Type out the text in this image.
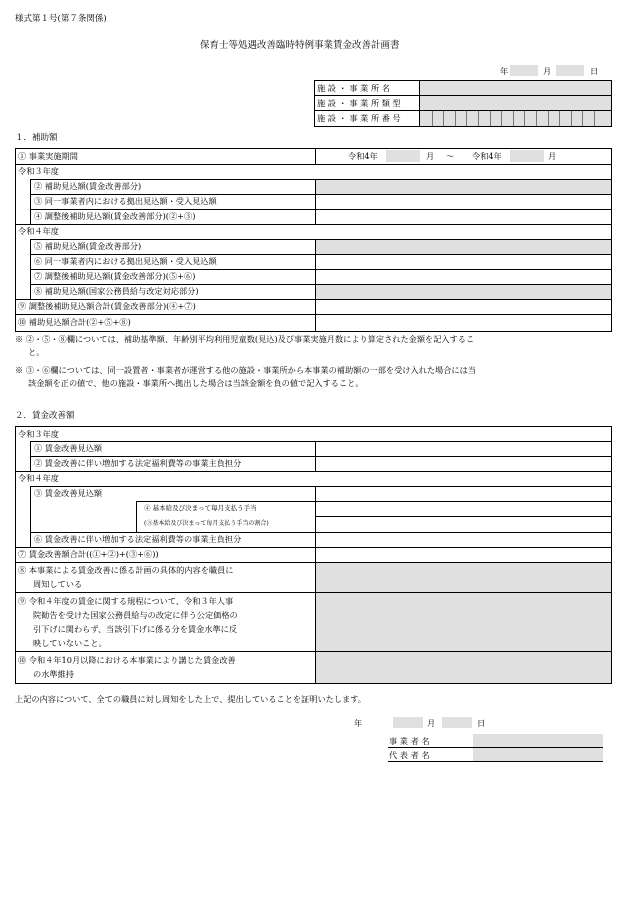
様式第１号(第７条関係)
保育士等処遇改善臨時特例事業賃金改善計画書
年	月	日
施 設 ・ 事 業 所 名
施 設 ・ 事 業 所 類 型
施 設 ・ 事 業 所 番 号
１．補助額
① 事業実施期間	令和4年	月 〜 令和4年	月
令和３年度
② 補助見込額(賃金改善部分)
③ 同一事業者内における拠出見込額・受入見込額
④ 調整後補助見込額(賃金改善部分)(②+③)
令和４年度
⑤ 補助見込額(賃金改善部分)
⑥ 同一事業者内における拠出見込額・受入見込額
⑦ 調整後補助見込額(賃金改善部分)(⑤+⑥)
⑧ 補助見込額(国家公務員給与改定対応部分)
⑨ 調整後補助見込額合計(賃金改善部分)(④+⑦)
⑩ 補助見込額合計(②+⑤+⑧)
※ ②・⑤・⑧欄については、補助基準額、年齢別平均利用児童数(見込)及び事業実施月数により算定された金額を記入するこ
と。
※ ③・⑥欄については、同一設置者・事業者が運営する他の施設・事業所から本事業の補助額の一部を受け入れた場合には当
該金額を正の値で、他の施設・事業所へ拠出した場合は当該金額を負の値で記入すること。
２．賃金改善額
令和３年度
① 賃金改善見込額
② 賃金改善に伴い増加する法定福利費等の事業主負担分
令和４年度
③ 賃金改善見込額
④ 基本給及び決まって毎月支払う手当
(③基本給及び決まって毎月支払う手当の割合)
⑥ 賃金改善に伴い増加する法定福利費等の事業主負担分
⑦ 賃金改善額合計((①+②)+(③+⑥))
⑧ 本事業による賃金改善に係る計画の具体的内容を職員に
周知している
⑨ 令和４年度の賃金に関する規程について、令和３年人事
院勧告を受けた国家公務員給与の改定に伴う公定価格の
引下げに関わらず、当該引下げに係る分を賃金水準に反
映していないこと。
⑩ 令和４年10月以降における本事業により講じた賃金改善
の水準維持
上記の内容について、全ての職員に対し周知をした上で、提出していることを証明いたします。
年	月	日
事 業 者 名
代 表 者 名
